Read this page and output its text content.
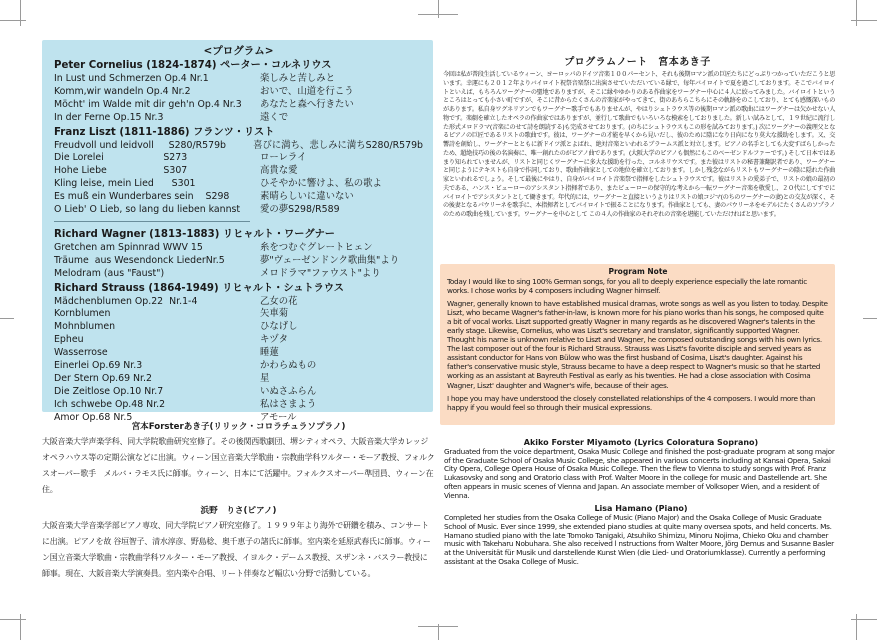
<プログラム>
Peter Cornelius (1824-1874) ペーター・コルネリウス
In Lust und Schmerzen Op.4 Nr.1	楽しみと苦しみと
Komm,wir wandeln Op.4 Nr.2	おいで、山道を行こう
Möcht' im Walde mit dir geh'n Op.4 Nr.3	あなたと森へ行きたい
In der Ferne Op.15 Nr.3	遠くで
Franz Liszt (1811-1886) フランツ・リスト
Freudvoll und leidvoll     S280/R579b	喜びに満ち、悲しみに満ちS280/R579b
Die Lorelei                    S273	ローレライ
Hohe Liebe                   S307	高貴な愛
Kling leise, mein Lied      S301	ひそやかに響けよ、私の歌よ
Es muß ein Wunderbares sein    S298	素晴らしいに違いない
O Lieb' O Lieb, so lang du lieben kannst	愛の夢S298/R589
Richard Wagner (1813-1883) リヒャルト・ワーグナー
Gretchen am Spinnrad WWV 15	糸をつむぐグレートヒェン
Träume  aus Wesendonck LiederNr.5	夢"ヴェーゼンドンク歌曲集"より
Melodram (aus "Faust")	メロドラマ"ファウスト"より
Richard Strauss (1864-1949) リヒャルト・シュトラウス
Mädchenblumen Op.22  Nr.1-4	乙女の花
Kornblumen	矢車菊
Mohnblumen	ひなげし
Epheu	キヅタ
Wasserrose	睡蓮
Einerlei Op.69 Nr.3	かわらぬもの
Der Stern Op.69 Nr.2	星
Die Zeitlose Op.10 Nr.7	いぬさふらん
Ich schwebe Op.48 Nr.2	私はさまよう
Amor Op.68 Nr.5	アモール
宮本Forsterあき子(リリック・コロラチュラソプラノ)
大阪音楽大学声楽学科、同大学院歌曲研究室修了。その後関西歌劇団、堺シティオペラ、大阪音楽大学カレッジオペラハウス等の定期公演などに出演。ウィーン国立音楽大学歌曲・宗教曲学科ワルター・モーア教授、フォルクスオーパー歌手　メルバ・ラモス氏に師事。ウィーン、日本にて活躍中。フォルクスオーパー準団員、ウィーン在住。
浜野　りさ(ピアノ)
大阪音楽大学音楽学部ピアノ専攻、同大学院ピアノ研究室修了。１９９９年より海外で研鑽を積み、コンサートに出演。ピアノを故 谷垣智子、清水淳彦、野島稔、奥千恵子の諸氏に師事。室内楽を延原武春氏に師事。ウィーン国立音楽大学歌曲・宗教曲学科ワルター・モーア教授、イヨルク・デームス教授、スザンネ・バスラー教授に師事。現在、大阪音楽大学演奏員。室内楽や合唱、リート伴奏など幅広い分野で活動している。
プログラムノート　宮本あき子
今回は私が普段生活しているウィーン、ヨーロッパのドイツ音楽１００パーセント、それも後期ロマン派の巨匠たちにどっぷりつかっていただこうと思います。幸運にも２０１２年よりバイロイト祝祭音楽祭に出演させていただいている縁で、毎年バイロイトで夏を過ごしております。そこでバイロイトといえば、もちろんワーグナーの聖地でありますが、そこに縁やゆかりのある作曲家をワーグナー中心に４人に絞ってみました。バイロイトというところはとっても小さい町ですが、そこに昔からたくさんの音楽家がやってきて、街のあちらこちらにその軌跡をのこしており、とても感慨深いものがあります。私自身ワグネリアンでもワーグナー歌手でもありませんが、やはりシュトラウス等の後期ロマン派の歌曲にはワーグナーは欠かせない人物です。楽劇を確立したオペラの作曲家ではありますが、並行して歌曲でもいろいろな模索をしておりました。新しい試みとして、１９世紀に流行した形式メロドラマ(音楽にのせて詩を朗読する)も完成させております。(のちにシュトラウスもこの形を試みております。) 次にワーグナーの義理父となるピアノの巨匠であるリストの歌曲です。彼は、ワーグナーの才能を早くから見いだし、彼のために陰になり日向になり莫大な援助をします。又、交響詩を創始し、ワーグナーとともに新ドイツ派とよばれ、絶対音楽といわれるブラームス派と対立します。ピアノの名手としても大変すばらしかったため、超絶技巧の後の名演奏に、唯一創れたのがピアノ曲であります。(大阪大学のピアノも偶然にもこのベーゼンドルファーです。) そして日本ではあまり知られていませんが、リストと同じくワーグナーに多大な援助を行った、コルネリウスです。また彼はリストの秘書兼翻訳者であり、ワーグナーと同じようにテキストも自身で作詞しており、歌曲作曲家としての地位を確立しております。しかし残念ながらリストもワーグナーの陰に隠れた作曲家といわれるでしょう。そして最後にやはり、自身がバイロイト音楽祭で指揮をしたシュトラウスです。彼はリストの愛弟子で、リストの娘の最初の夫である、ハンス・ビューローのアシスタント指揮者であり、またビューローの保守的な考えから一転ワーグナー音楽を敬愛し、２０代にしてすでにバイロイトでアシスタントとして働きます。年代的には、ワーグナーと直接というよりはリストの娘コジマ(のちのワーグナーの妻)との交友が深く、その後妻となるパウリーネを歌手に、本指揮者としてバイロイトで振ることになります。作曲家としても、妻のパウリーネをモデルにたくさんのソプラノのための歌曲を残しています。ワーグナーを中心として この４人の作曲家のそれぞれの音楽を堪能していただければと思います。
Program Note
Today I would like to sing 100% German songs, for you all to deeply experience especially the late romantic works. I chose works by 4 composers including Wagner himself.
Wagner, generally known to have established musical dramas, wrote songs as well as you listen to today. Despite Liszt, who became Wagner's father-in-law, is known more for his piano works than his songs, he composed quite a bit of vocal works. Liszt supported greatly Wagner in many regards as he discovered Wagner's talents in the early stage. Likewise, Cornelius, who was Liszt's secretary and translator, significantly supported Wagner. Thought his name is unknown relative to Liszt and Wagner, he composed outstanding songs with his own lyrics. The last composer out of the four is Richard Strauss. Strauss was Liszt's favorite disciple and served years as assistant conductor for Hans von Bülow who was the first husband of Cosima, Liszt's daughter. Against his father's conservative music style, Strauss became to have a deep respect to Wagner's music so that he started working as an assistant at Bayreuth Festival as early as his twenties. He had a close association with Cosima Wagner, Liszt' daughter and Wagner's wife, because of their ages.
I hope you may have understood the closely constellated relationships of the 4 composers. I would more than happy if you would feel so through their musical expressions.
Akiko Forster Miyamoto (Lyrics Coloratura Soprano)
Graduated from the voice department, Osaka Music College and finished the post-graduate program at song major of the Graduate School of Osaka Music College, she appeared in various concerts including at Kansai Opera, Sakai City Opera, College Opera House of Osaka Music College. Then the flew to Vienna to study songs with Prof. Franz Lukasovsky and song and Oratorio class with Prof. Walter Moore in the college for music and Dastellende art. She often appears in music scenes of Vienna and Japan. An associate member of Volksoper Wien, and a resident of Vienna.
Lisa Hamano (Piano)
Completed her studies from the Osaka College of Music (Piano Major) and the Osaka College of Music Graduate School of Music. Ever since 1999, she extended piano studies at quite many oversea spots, and held concerts. Ms. Hamano studied piano with the late Tomoko Tanigaki, Atsuhiko Shimizu, Minoru Nojima, Chieko Oku and chamber music with Takeharu Nobuhara. She also received l nstructions from Walter Moore, Jörg Demus and Susanne Basler at the Universität für Musik und darstellende Kunst Wien (die Lied- und Oratoriumklasse). Currently a performing assistant at the Osaka College of Music.
